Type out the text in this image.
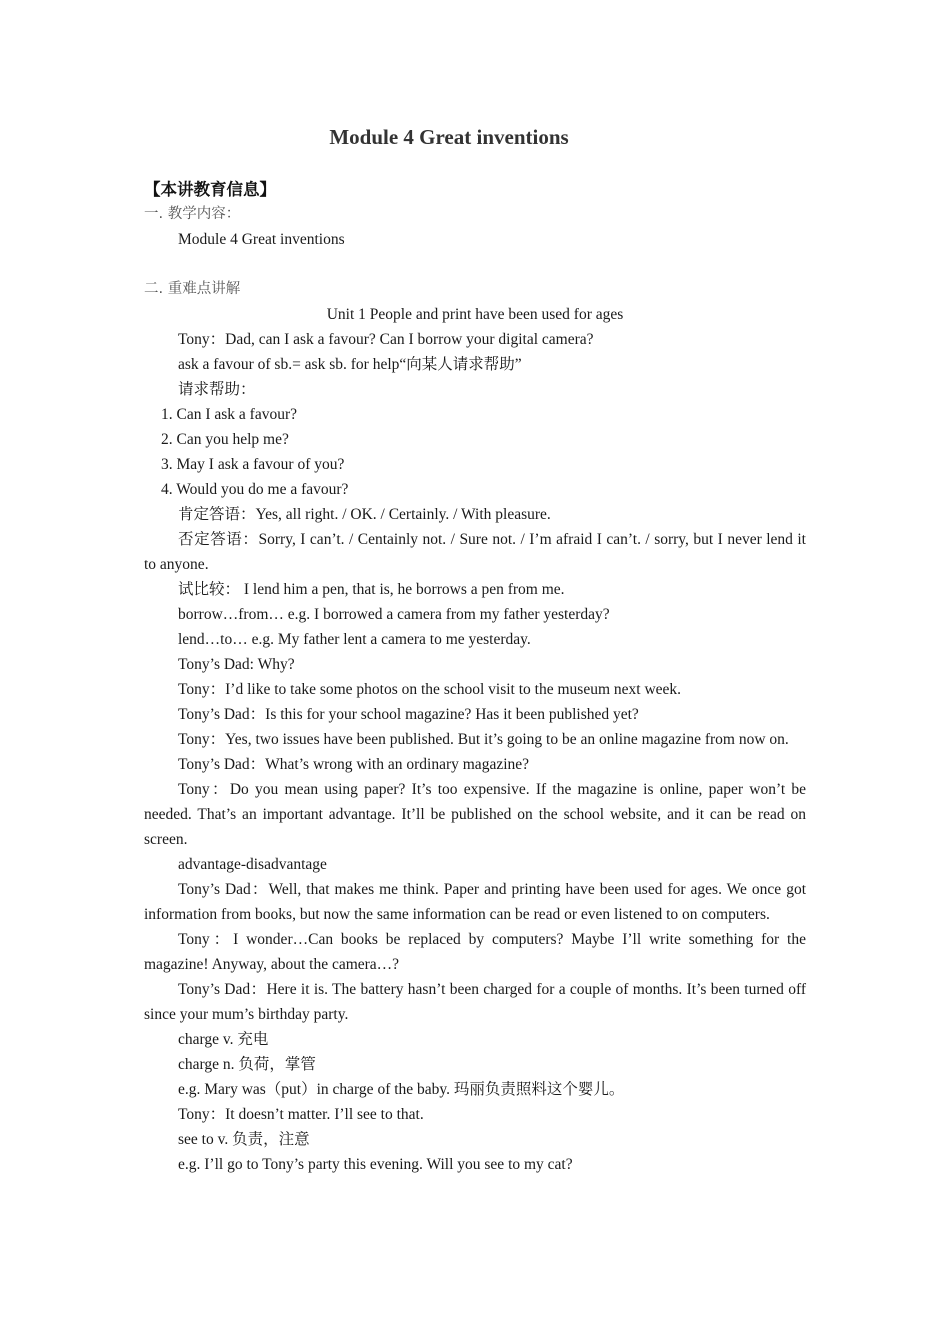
Module 4 Great inventions
【本讲教育信息】
一. 教学内容：
Module 4 Great inventions
二. 重难点讲解
Unit 1 People and print have been used for ages
Tony：Dad, can I ask a favour? Can I borrow your digital camera?
ask a favour of sb.= ask sb. for help“向某人请求帮助”
请求帮助：
1. Can I ask a favour?
2. Can you help me?
3. May I ask a favour of you?
4. Would you do me a favour?
肯定答语：Yes, all right. / OK. / Certainly. / With pleasure.
否定答语：Sorry, I can’t. / Centainly not. / Sure not. / I’m afraid I can’t. / sorry, but I never lend it to anyone.
试比较： I lend him a pen, that is, he borrows a pen from me.
borrow…from… e.g. I borrowed a camera from my father yesterday?
lend…to… e.g. My father lent a camera to me yesterday.
Tony’s Dad: Why?
Tony：I’d like to take some photos on the school visit to the museum next week.
Tony’s Dad：Is this for your school magazine? Has it been published yet?
Tony：Yes, two issues have been published. But it’s going to be an online magazine from now on.
Tony’s Dad：What’s wrong with an ordinary magazine?
Tony：Do you mean using paper? It’s too expensive. If the magazine is online, paper won’t be needed. That’s an important advantage. It’ll be published on the school website, and it can be read on screen.
advantage-disadvantage
Tony’s Dad：Well, that makes me think. Paper and printing have been used for ages. We once got information from books, but now the same information can be read or even listened to on computers.
Tony：I wonder…Can books be replaced by computers? Maybe I’ll write something for the magazine! Anyway, about the camera…?
Tony’s Dad：Here it is. The battery hasn’t been charged for a couple of months. It’s been turned off since your mum’s birthday party.
charge v. 充电
charge n. 负荷，掌管
e.g. Mary was（put）in charge of the baby. 玛丽负责照料这个婴儿。
Tony：It doesn’t matter. I’ll see to that.
see to v. 负责，注意
e.g. I’ll go to Tony’s party this evening. Will you see to my cat?
